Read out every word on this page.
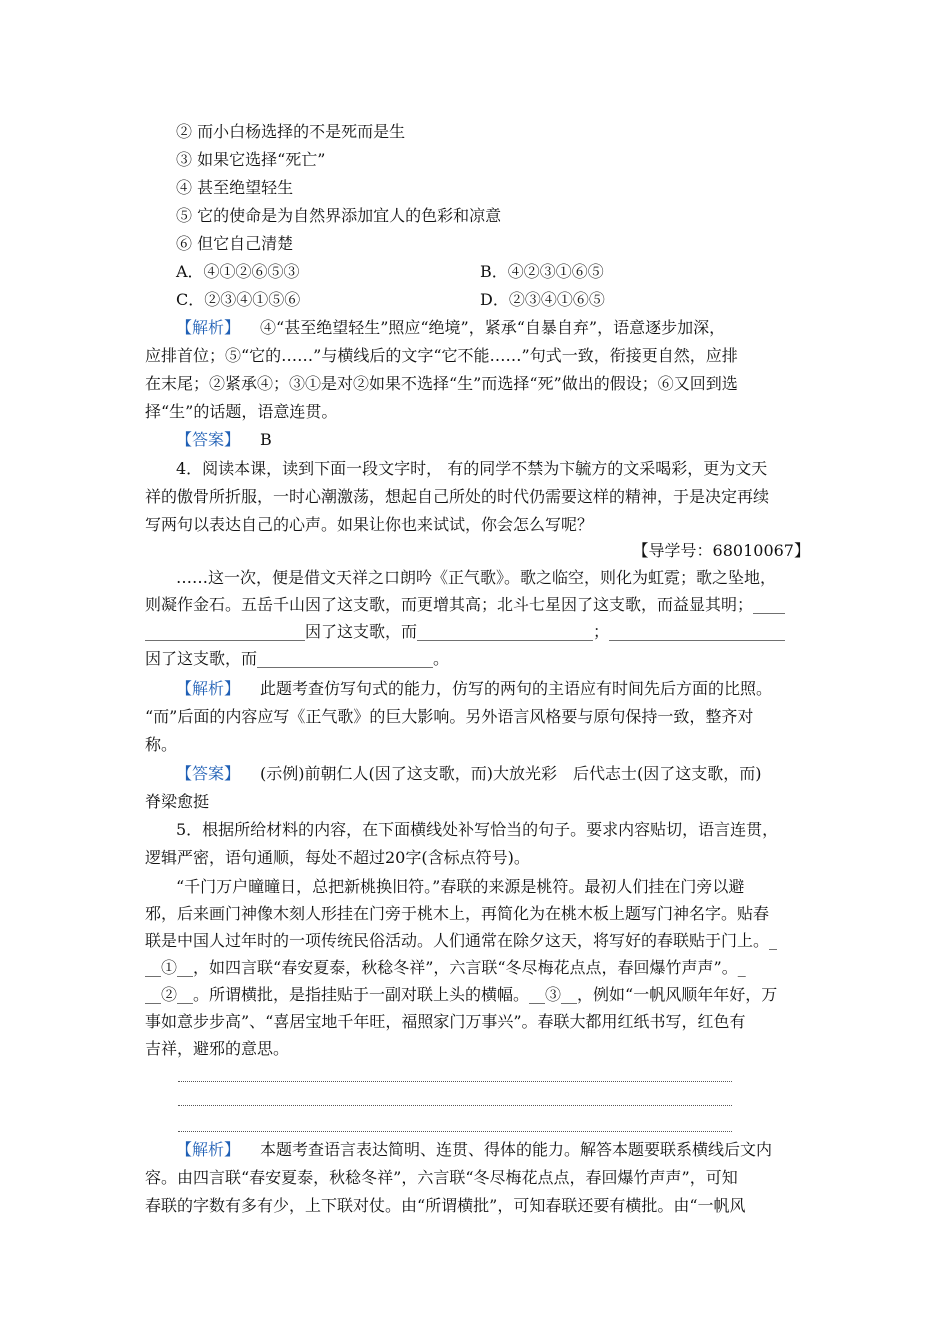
② 而小白杨选择的不是死而是生
③ 如果它选择“死亡”
④ 甚至绝望轻生
⑤ 它的使命是为自然界添加宜人的色彩和凉意
⑥ 但它自己清楚
A．④①②⑥⑤③	B．④②③①⑥⑤
C．②③④①⑤⑥	D．②③④①⑥⑤
【解析】 ④“甚至绝望轻生”照应“绝境”，紧承“自暴自弃”，语意逐步加深，
应排首位；⑤“它的……”与横线后的文字“它不能……”句式一致，衔接更自然，应排
在末尾；②紧承④；③①是对②如果不选择“生”而选择“死”做出的假设；⑥又回到选
择“生”的话题，语意连贯。
【答案】 B
4．阅读本课，读到下面一段文字时， 有的同学不禁为卞毓方的文采喝彩，更为文天
祥的傲骨所折服，一时心潮激荡，想起自己所处的时代仍需要这样的精神，于是决定再续
写两句以表达自己的心声。如果让你也来试试，你会怎么写呢？
【导学号：68010067】
……这一次，便是借文天祥之口朗吟《正气歌》。歌之临空，则化为虹霓；歌之坠地，
则凝作金石。五岳千山因了这支歌，而更增其高；北斗七星因了这支歌，而益显其明；____
____________________因了这支歌，而______________________；______________________
因了这支歌，而______________________。
【解析】 此题考查仿写句式的能力，仿写的两句的主语应有时间先后方面的比照。
“而”后面的内容应写《正气歌》的巨大影响。另外语言风格要与原句保持一致，整齐对
称。
【答案】 (示例)前朝仁人(因了这支歌，而)大放光彩　后代志士(因了这支歌，而)
脊梁愈挺
5．根据所给材料的内容，在下面横线处补写恰当的句子。要求内容贴切，语言连贯，
逻辑严密，语句通顺，每处不超过20字(含标点符号)。
“千门万户曈曈日，总把新桃换旧符。”春联的来源是桃符。最初人们挂在门旁以避
邪，后来画门神像木刻人形挂在门旁于桃木上，再简化为在桃木板上题写门神名字。贴春
联是中国人过年时的一项传统民俗活动。人们通常在除夕这天，将写好的春联贴于门上。_
__①__，如四言联“春安夏泰，秋稔冬祥”，六言联“冬尽梅花点点，春回爆竹声声”。_
__②__。所谓横批，是指挂贴于一副对联上头的横幅。__③__，例如“一帆风顺年年好，万
事如意步步高”、“喜居宝地千年旺，福照家门万事兴”。春联大都用红纸书写，红色有
吉祥，避邪的意思。
【解析】 本题考查语言表达简明、连贯、得体的能力。解答本题要联系横线后文内
容。由四言联“春安夏泰，秋稔冬祥”，六言联“冬尽梅花点点，春回爆竹声声”，可知
春联的字数有多有少，上下联对仗。由“所谓横批”，可知春联还要有横批。由“一帆风
